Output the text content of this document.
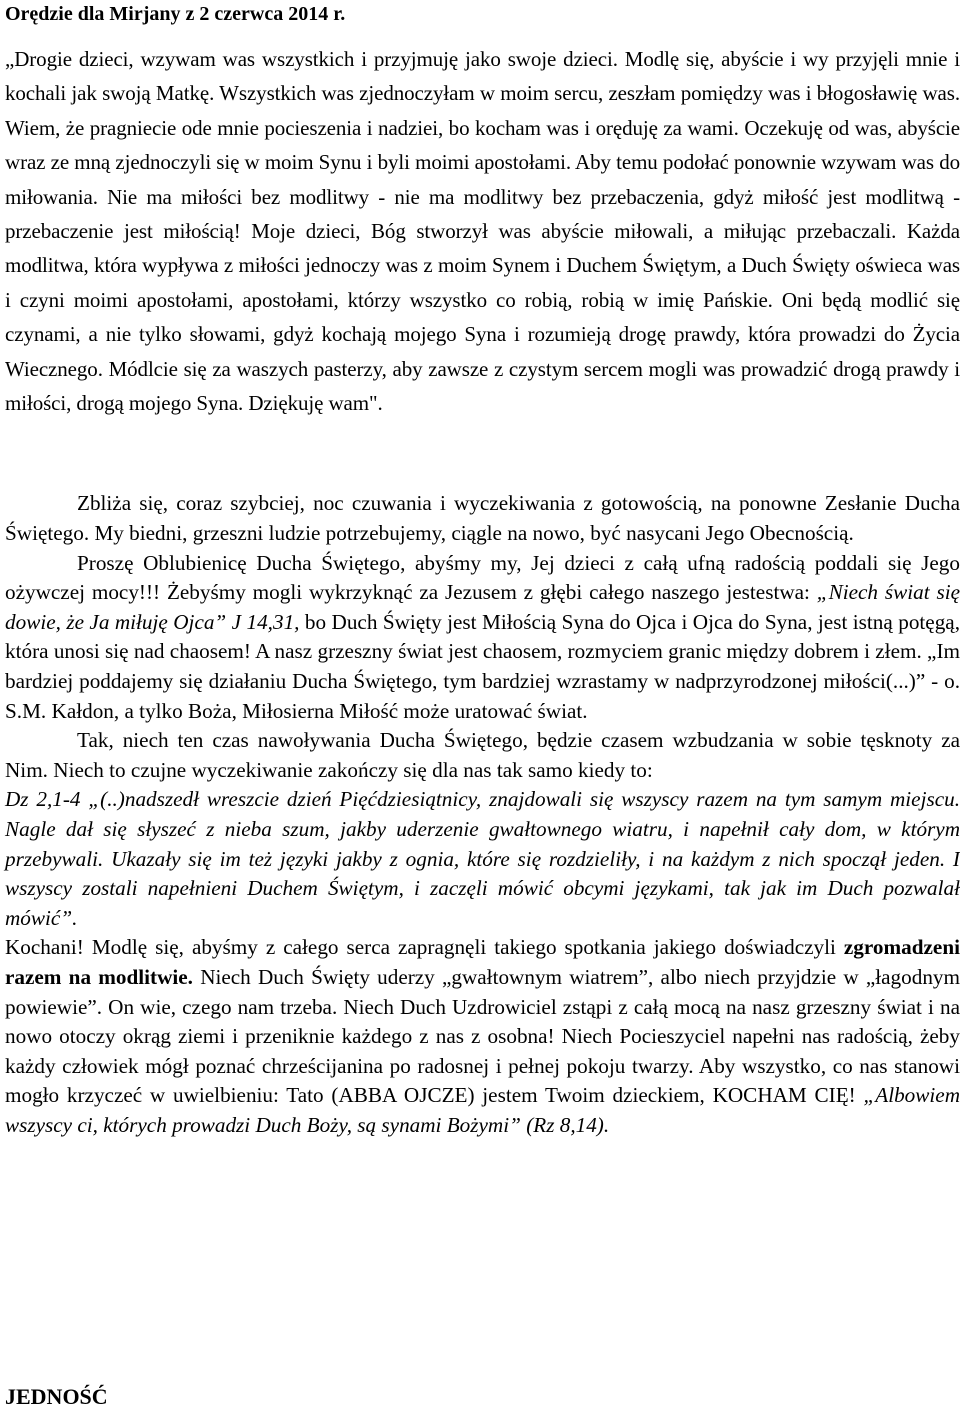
Orędzie dla Mirjany z 2 czerwca 2014 r.

„Drogie dzieci, wzywam was wszystkich i przyjmuję jako swoje dzieci. Modlę się, abyście i wy przyjęli mnie i kochali jak swoją Matkę. Wszystkich was zjednoczyłam w moim sercu, zeszłam pomiędzy was i błogosławię was. Wiem, że pragniecie ode mnie pocieszenia i nadziei, bo kocham was i oręduję za wami. Oczekuję od was, abyście wraz ze mną zjednoczyli się w moim Synu i byli moimi apostołami. Aby temu podołać ponownie wzywam was do miłowania. Nie ma miłości bez modlitwy - nie ma modlitwy bez przebaczenia, gdyż miłość jest modlitwą - przebaczenie jest miłością! Moje dzieci, Bóg stworzył was abyście miłowali, a miłując przebaczali. Każda modlitwa, która wypływa z miłości jednoczy was z moim Synem i Duchem Świętym, a Duch Święty oświeca was i czyni moimi apostołami, apostołami, którzy wszystko co robią, robią w imię Pańskie. Oni będą modlić się czynami, a nie tylko słowami, gdyż kochają mojego Syna i rozumieją drogę prawdy, która prowadzi do Życia Wiecznego. Módlcie się za waszych pasterzy, aby zawsze z czystym sercem mogli was prowadzić drogą prawdy i miłości, drogą mojego Syna. Dziękuję wam".

Zbliża się, coraz szybciej, noc czuwania i wyczekiwania z gotowością, na ponowne Zesłanie Ducha Świętego. My biedni, grzeszni ludzie potrzebujemy, ciągle na nowo, być nasycani Jego Obecnością.

Proszę Oblubienicę Ducha Świętego, abyśmy my, Jej dzieci z całą ufną radością poddali się Jego ożywczej mocy!!! Żebyśmy mogli wykrzyknąć za Jezusem z głębi całego naszego jestestwa: „Niech świat się dowie, że Ja miłuję Ojca” J 14,31, bo Duch Święty jest Miłością Syna do Ojca i Ojca do Syna, jest istną potęgą, która unosi się nad chaosem! A nasz grzeszny świat jest chaosem, rozmyciem granic między dobrem i złem. „Im bardziej poddajemy się działaniu Ducha Świętego, tym bardziej wzrastamy w nadprzyrodzonej miłości(...)” - o. S.M. Kałdon, a tylko Boża, Miłosierna Miłość może uratować świat.

Tak, niech ten czas nawoływania Ducha Świętego, będzie czasem wzbudzania w sobie tęsknoty za Nim. Niech to czujne wyczekiwanie zakończy się dla nas tak samo kiedy to:

Dz 2,1-4 „(..)nadszedł wreszcie dzień Pięćdziesiątnicy, znajdowali się wszyscy razem na tym samym miejscu. Nagle dał się słyszeć z nieba szum, jakby uderzenie gwałtownego wiatru, i napełnił cały dom, w którym przebywali. Ukazały się im też języki jakby z ognia, które się rozdzieliły, i na każdym z nich spoczął jeden. I wszyscy zostali napełnieni Duchem Świętym, i zaczęli mówić obcymi językami, tak jak im Duch pozwalał mówić”.

Kochani! Modlę się, abyśmy z całego serca zapragnęli takiego spotkania jakiego doświadczyli zgromadzeni razem na modlitwie. Niech Duch Święty uderzy „gwałtownym wiatrem”, albo niech przyjdzie w „łagodnym powiewie”. On wie, czego nam trzeba. Niech Duch Uzdrowiciel zstąpi z całą mocą na nasz grzeszny świat i na nowo otoczy okrąg ziemi i przeniknie każdego z nas z osobna! Niech Pocieszyciel napełni nas radością, żeby każdy człowiek mógł poznać chrześcijanina po radosnej i pełnej pokoju twarzy. Aby wszystko, co nas stanowi mogło krzyczeć w uwielbieniu: Tato (ABBA OJCZE) jestem Twoim dzieckiem, KOCHAM CIĘ! „Albowiem wszyscy ci, których prowadzi Duch Boży, są synami Bożymi” (Rz 8,14).

JEDNOŚĆ
